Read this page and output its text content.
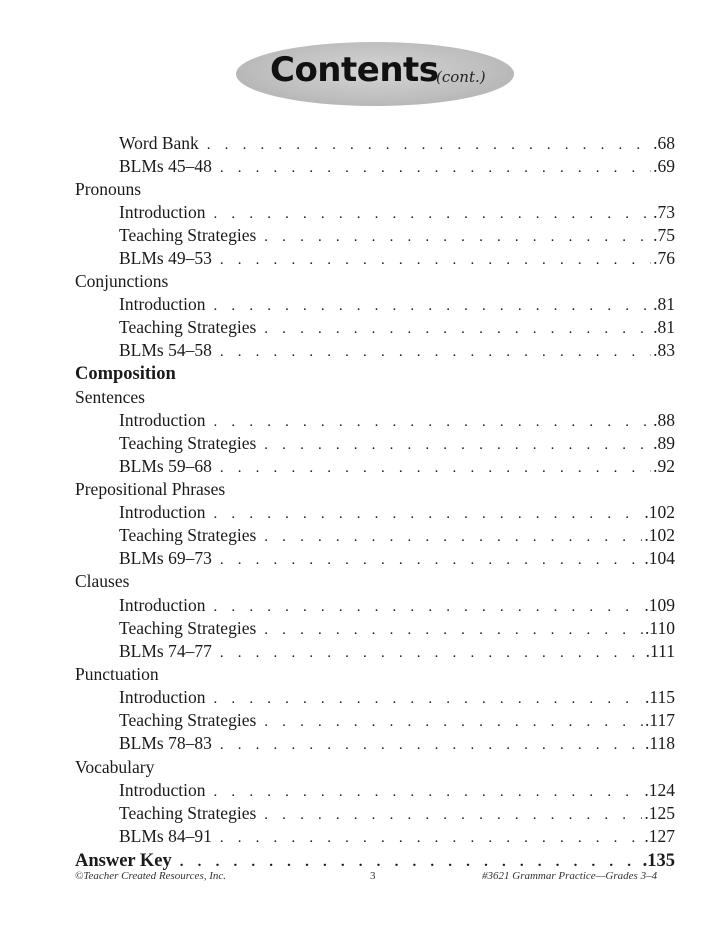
Contents
(cont.)
Word Bank . . .	.68
BLMs 45–48 . . .	.69
Pronouns
Introduction . . .	.73
Teaching Strategies . . .	.75
BLMs 49–53 . . .	.76
Conjunctions
Introduction . . .	.81
Teaching Strategies . . .	.81
BLMs 54–58 . . .	.83
Composition
Sentences
Introduction . . .	.88
Teaching Strategies . . .	.89
BLMs 59–68 . . .	.92
Prepositional Phrases
Introduction . . .	.102
Teaching Strategies . . .	.102
BLMs 69–73 . . .	.104
Clauses
Introduction . . .	.109
Teaching Strategies . . .	.110
BLMs 74–77 . . .	.111
Punctuation
Introduction . . .	.115
Teaching Strategies . . .	.117
BLMs 78–83 . . .	.118
Vocabulary
Introduction . . .	.124
Teaching Strategies . . .	.125
BLMs 84–91 . . .	.127
Answer Key . . .	.135
©Teacher Created Resources, Inc.	3	#3621 Grammar Practice—Grades 3–4
